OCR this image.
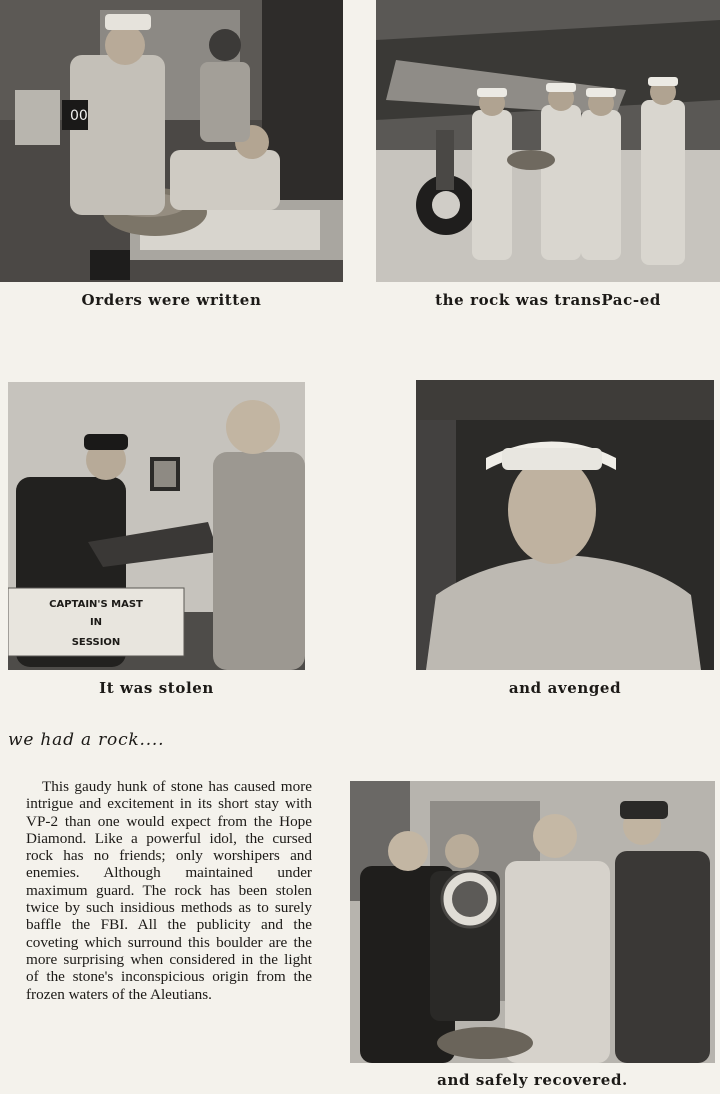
00
Orders were written	the rock was transPac-ed
CAPTAIN'S MAST
IN
SESSION
It was stolen	and avenged
we had a rock....

This gaudy hunk of stone has caused more intrigue and excitement in its short stay with VP-2 than one would expect from the Hope Diamond. Like a powerful idol, the cursed rock has no friends; only worshipers and enemies. Although maintained under maximum guard. The rock has been stolen twice by such insidious methods as to surely baffle the FBI. All the publicity and the coveting which surround this boulder are the more surprising when considered in the light of the stone's inconspicious origin from the frozen waters of the Aleutians.

and safely recovered.
